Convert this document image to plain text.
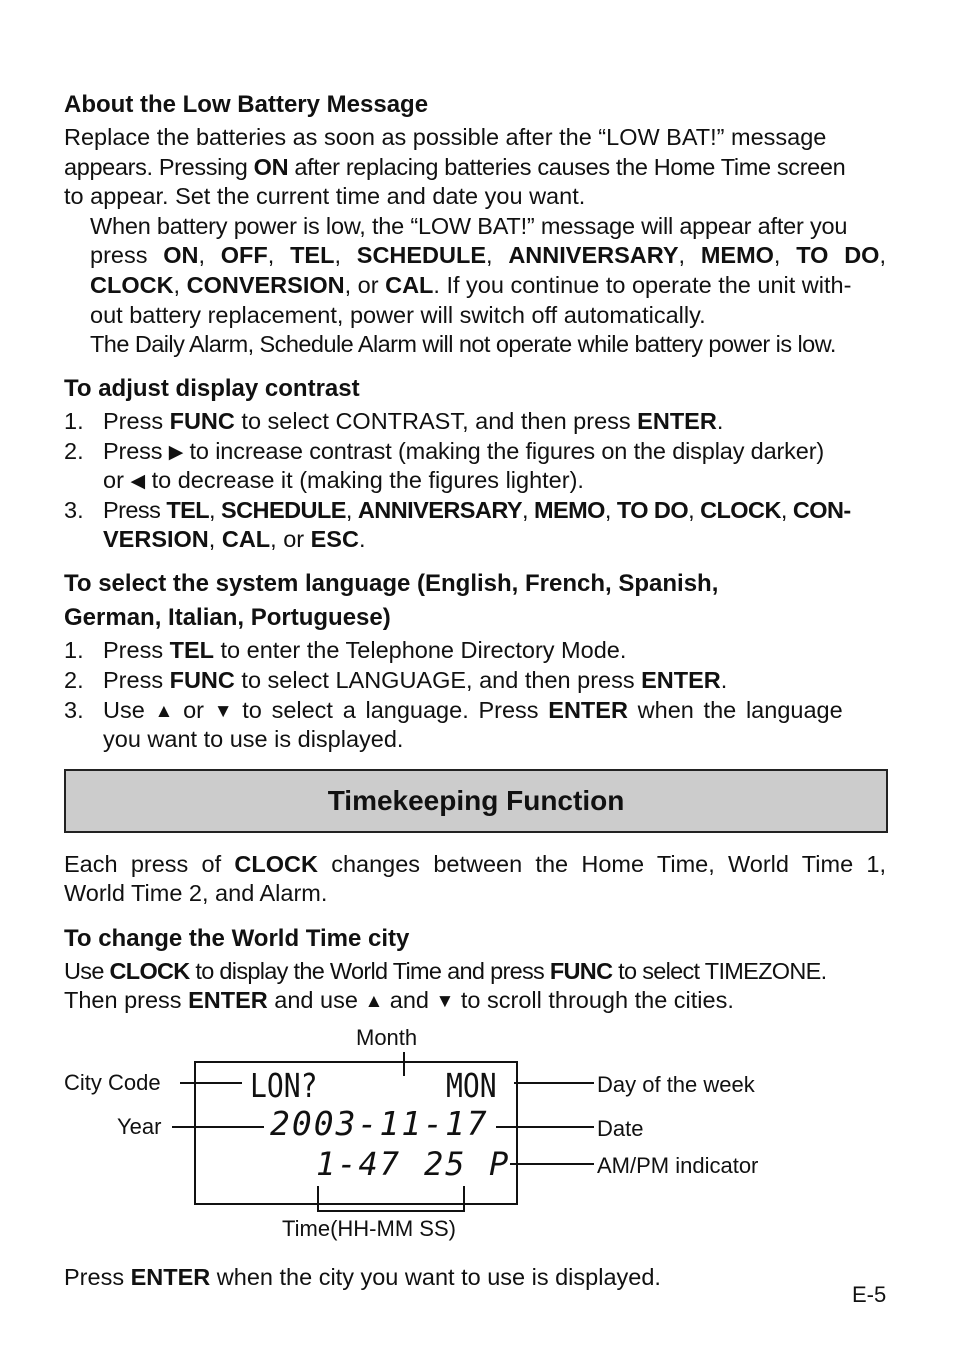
About the Low Battery Message
Replace the batteries as soon as possible after the “LOW BAT!” message
appears. Pressing ON after replacing batteries causes the Home Time screen
to appear. Set the current time and date you want.
When battery power is low, the “LOW BAT!” message will appear after you
press ON, OFF, TEL, SCHEDULE, ANNIVERSARY, MEMO, TO DO,
CLOCK, CONVERSION, or CAL. If you continue to operate the unit with-
out battery replacement, power will switch off automatically.
The Daily Alarm, Schedule Alarm will not operate while battery power is low.
To adjust display contrast
1. Press FUNC to select CONTRAST, and then press ENTER.
2. Press ▶ to increase contrast (making the figures on the display darker)
or ◀ to decrease it (making the figures lighter).
3. Press TEL, SCHEDULE, ANNIVERSARY, MEMO, TO DO, CLOCK, CON-
VERSION, CAL, or ESC.
To select the system language (English, French, Spanish,
German, Italian, Portuguese)
1. Press TEL to enter the Telephone Directory Mode.
2. Press FUNC to select LANGUAGE, and then press ENTER.
3. Use ▲ or ▼ to select a language. Press ENTER when the language
you want to use is displayed.
Timekeeping Function
Each press of CLOCK changes between the Home Time, World Time 1,
World Time 2, and Alarm.
To change the World Time city
Use CLOCK to display the World Time and press FUNC to select TIMEZONE.
Then press ENTER and use ▲ and ▼ to scroll through the cities.
Month
City Code
Year
Day of the week
Date
AM/PM indicator
Time(HH-MM SS)
LON?	MON
2003-11-17
1-47 25 P
Press ENTER when the city you want to use is displayed.
E-5
